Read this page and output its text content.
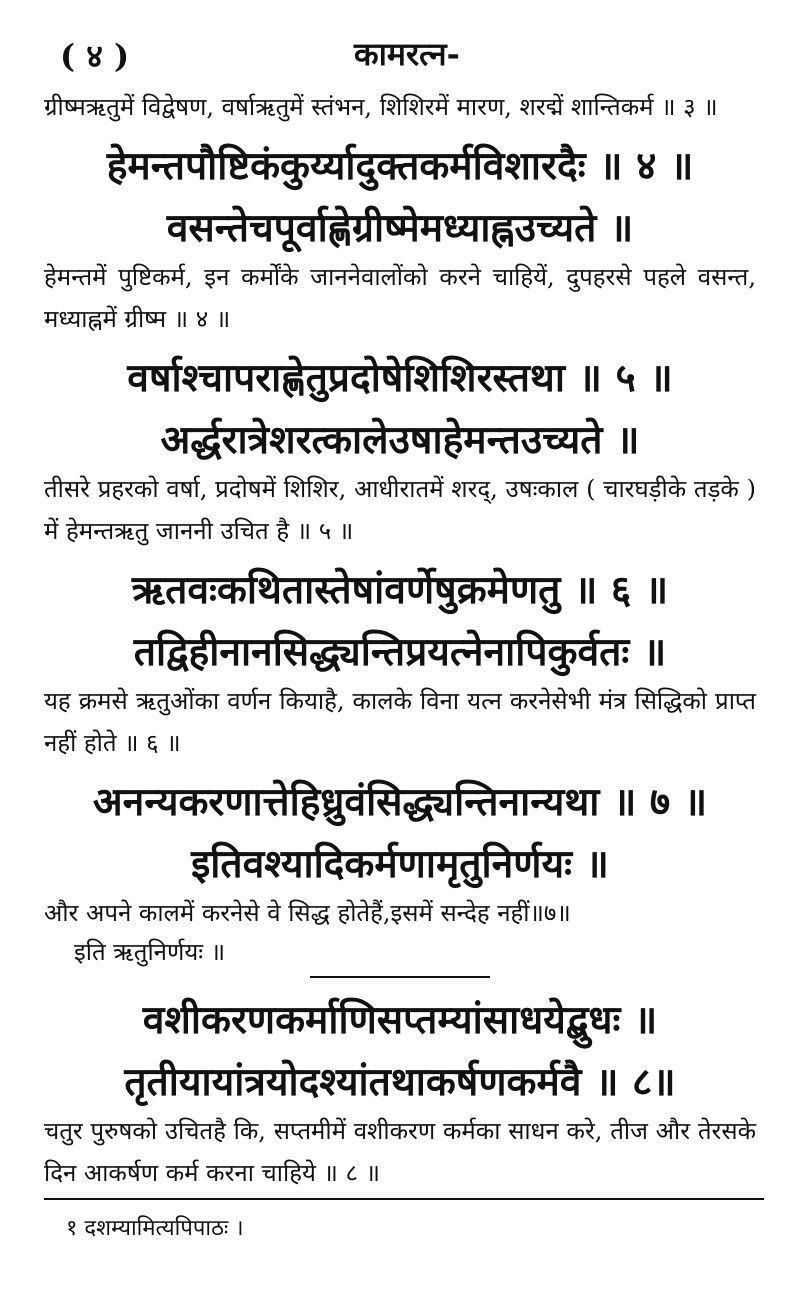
( ४ )	कामरत्न-

ग्रीष्मऋतुमें विद्वेषण, वर्षाऋतुमें स्तंभन, शिशिरमें मारण, शरद्में शान्तिकर्म ॥ ३ ॥

हेमन्तपौष्टिकंकुर्य्यादुक्तकर्मविशारदैः ॥ ४ ॥
वसन्तेचपूर्वाह्णेग्रीष्मेमध्याह्नउच्यते ॥

हेमन्तमें पुष्टिकर्म, इन कर्मोंके जाननेवालोंको करने चाहियें, दुपहरसे पहले वसन्त, मध्याह्नमें ग्रीष्म ॥ ४ ॥

वर्षाश्चापराह्णेतुप्रदोषेशिशिरस्तथा ॥ ५ ॥
अर्द्धरात्रेशरत्कालेउषाहेमन्तउच्यते ॥

तीसरे प्रहरको वर्षा, प्रदोषमें शिशिर, आधीरातमें शरद्, उषःकाल ( चारघड़ीके तड़के ) में हेमन्तऋतु जाननी उचित है ॥ ५ ॥

ऋतवःकथितास्तेषांवर्णेषुक्रमेणतु ॥ ६ ॥
तद्विहीनानसिद्ध्यन्तिप्रयत्नेनापिकुर्वतः ॥

यह क्रमसे ऋतुओंका वर्णन कियाहै, कालके विना यत्न करनेसेभी मंत्र सिद्धिको प्राप्त नहीं होते ॥ ६ ॥

अनन्यकरणात्तेहिध्रुवंसिद्ध्यन्तिनान्यथा ॥ ७ ॥
इतिवश्यादिकर्मणामृतुनिर्णयः ॥

और अपने कालमें करनेसे वे सिद्ध होतेहैं,इसमें सन्देह नहीं॥७॥

इति ऋतुनिर्णयः ॥

वशीकरणकर्माणिसप्तम्यांसाधयेद्बुधः ॥
तृतीयायांत्रयोदश्यांतथाकर्षणकर्मवै ॥ ८॥

चतुर पुरुषको उचितहै कि, सप्तमीमें वशीकरण कर्मका साधन करे, तीज और तेरसके दिन आकर्षण कर्म करना चाहिये ॥ ८ ॥

१ दशम्यामित्यपिपाठः ।
